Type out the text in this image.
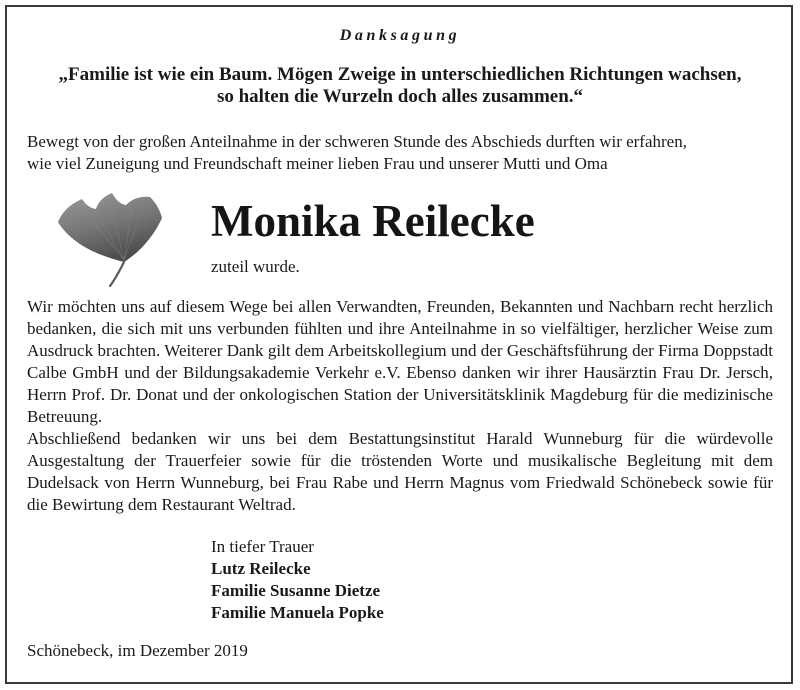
Danksagung
„Familie ist wie ein Baum. Mögen Zweige in unterschiedlichen Richtungen wachsen,
so halten die Wurzeln doch alles zusammen.“
Bewegt von der großen Anteilnahme in der schweren Stunde des Abschieds durften wir erfahren,
wie viel Zuneigung und Freundschaft meiner lieben Frau und unserer Mutti und Oma
Monika Reilecke
zuteil wurde.

Wir möchten uns auf diesem Wege bei allen Verwandten, Freunden, Bekannten und Nachbarn recht herzlich bedanken, die sich mit uns verbunden fühlten und ihre Anteilnahme in so vielfältiger, herzlicher Weise zum Ausdruck brachten. Weiterer Dank gilt dem Arbeitskollegium und der Geschäftsführung der Firma Doppstadt Calbe GmbH und der Bildungsakademie Verkehr e.V. Ebenso danken wir ihrer Hausärztin Frau Dr. Jersch, Herrn Prof. Dr. Donat und der onkologischen Station der Universitätsklinik Magdeburg für die medizinische Betreuung.

Abschließend bedanken wir uns bei dem Bestattungsinstitut Harald Wunneburg für die würdevolle Ausgestaltung der Trauerfeier sowie für die tröstenden Worte und musikalische Begleitung mit dem Dudelsack von Herrn Wunneburg, bei Frau Rabe und Herrn Magnus vom Friedwald Schönebeck sowie für die Bewirtung dem Restaurant Weltrad.

In tiefer Trauer
Lutz Reilecke
Familie Susanne Dietze
Familie Manuela Popke
Schönebeck, im Dezember 2019
